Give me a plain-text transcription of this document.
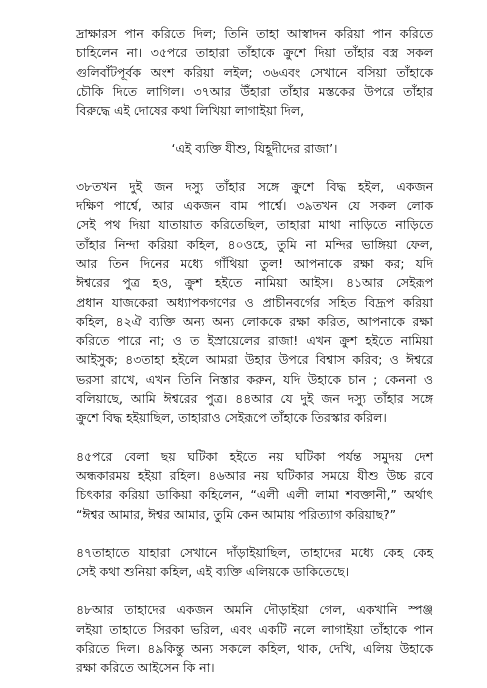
দ্রাক্ষারস পান করিতে দিল; তিনি তাহা আস্বাদন করিয়া পান করিতে
চাহিলেন না। ৩৫পরে তাহারা তাঁহাকে ক্রুশে দিয়া তাঁহার বস্ত্র সকল
গুলিবাঁটপূর্বক অংশ করিয়া লইল; ৩৬এবং সেখানে বসিয়া তাঁহাকে
চৌকি দিতে লাগিল। ৩৭আর উঁহারা তাঁহার মস্তকের উপরে তাঁহার
বিরুদ্ধে এই দোষের কথা লিখিয়া লাগাইয়া দিল,

‘এই ব্যক্তি যীশু, যিহূদীদের রাজা’।

৩৮তখন দুই জন দস্যু তাঁহার সঙ্গে ক্রুশে বিদ্ধ হইল, একজন
দক্ষিণ পার্শ্বে, আর একজন বাম পার্শ্বে। ৩৯তখন যে সকল লোক
সেই পথ দিয়া যাতায়াত করিতেছিল, তাহারা মাথা নাড়িতে নাড়িতে
তাঁহার নিন্দা করিয়া কহিল, ৪০ওহে, তুমি না মন্দির ভাঙ্গিয়া ফেল,
আর তিন দিনের মধ্যে গাঁথিয়া তুল! আপনাকে রক্ষা কর; যদি
ঈশ্বরের পুত্র হও, ক্রুশ হইতে নামিয়া আইস। ৪১আর সেইরূপ
প্রধান যাজকেরা অধ্যাপকগণের ও প্রাচীনবর্গের সহিত বিদ্রূপ করিয়া
কহিল, ৪২ঐ ব্যক্তি অন্য অন্য লোককে রক্ষা করিত, আপনাকে রক্ষা
করিতে পারে না; ও ত ইস্রায়েলের রাজা! এখন ক্রুশ হইতে নামিয়া
আইসুক; ৪৩তাহা হইলে আমরা উহার উপরে বিশ্বাস করিব; ও ঈশ্বরে
ভরসা রাখে, এখন তিনি নিস্তার করুন, যদি উহাকে চান ; কেননা ও
বলিয়াছে, আমি ঈশ্বরের পুত্র। ৪৪আর যে দুই জন দস্যু তাঁহার সঙ্গে
ক্রুশে বিদ্ধ হইয়াছিল, তাহারাও সেইরূপে তাঁহাকে তিরস্কার করিল।

৪৫পরে বেলা ছয় ঘটিকা হইতে নয় ঘটিকা পর্যন্ত সমুদয় দেশ
অন্ধকারময় হইয়া রহিল। ৪৬আর নয় ঘটিকার সময়ে যীশু উচ্চ রবে
চিৎকার করিয়া ডাকিয়া কহিলেন, “এলী এলী লামা শবক্তানী,” অর্থাৎ
“ঈশ্বর আমার, ঈশ্বর আমার, তুমি কেন আমায় পরিত্যাগ করিয়াছ?”

৪৭তাহাতে যাহারা সেখানে দাঁড়াইয়াছিল, তাহাদের মধ্যে কেহ কেহ
সেই কথা শুনিয়া কহিল, এই ব্যক্তি এলিয়কে ডাকিতেছে।

৪৮আর তাহাদের একজন অমনি দৌড়াইয়া গেল, একখানি স্পঞ্জ
লইয়া তাহাতে সিরকা ভরিল, এবং একটি নলে লাগাইয়া তাঁহাকে পান
করিতে দিল। ৪৯কিন্তু অন্য সকলে কহিল, থাক, দেখি, এলিয় উহাকে
রক্ষা করিতে আইসেন কি না।
